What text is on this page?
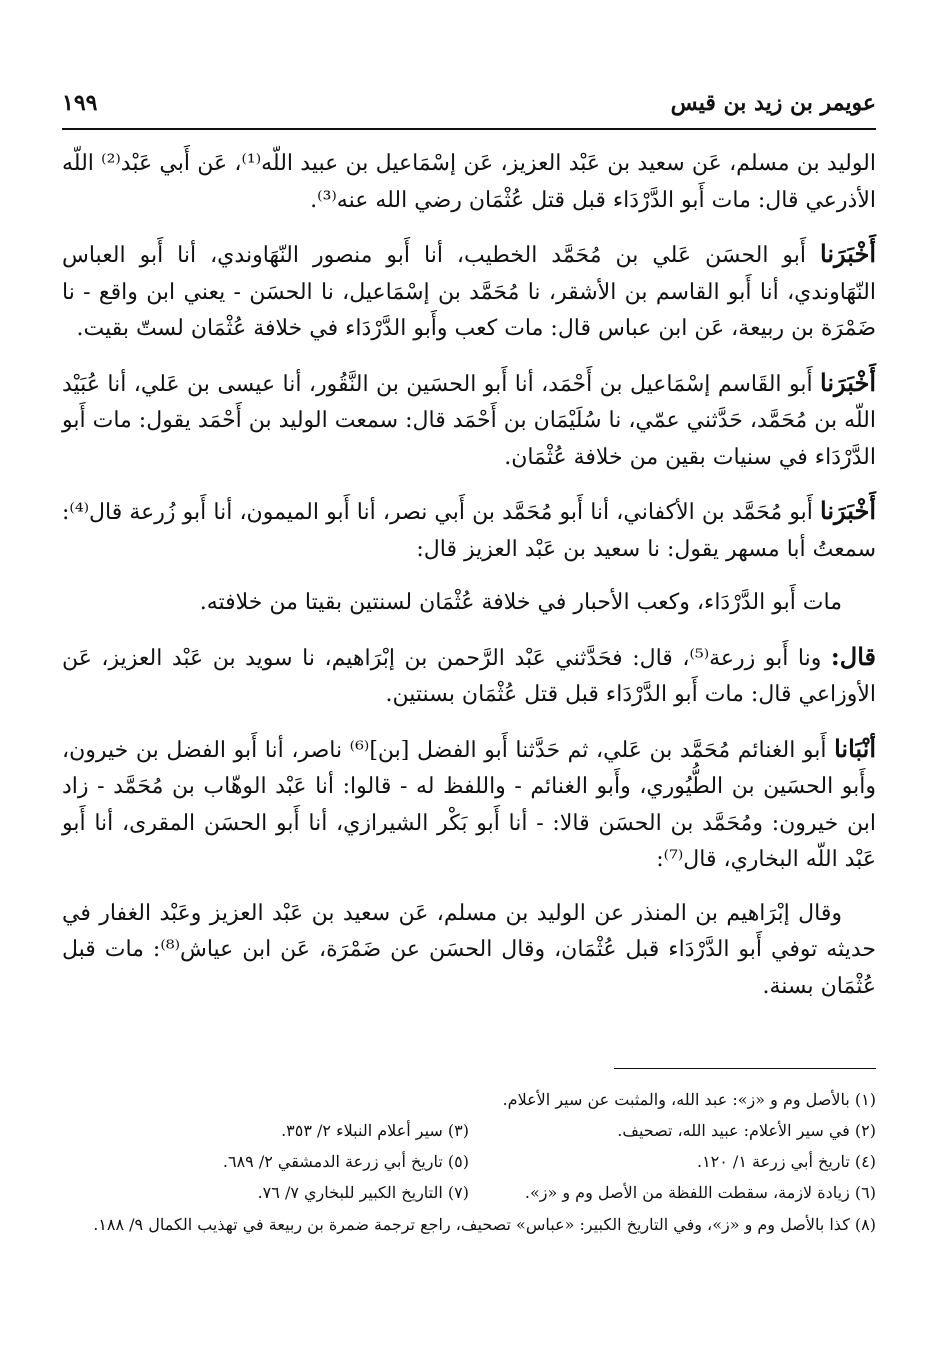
عويمر بن زيد بن قيس
١٩٩

الوليد بن مسلم، عَن سعيد بن عَبْد العزيز، عَن إسْمَاعيل بن عبيد اللّه⁽¹⁾، عَن أَبي عَبْد⁽²⁾ اللّه الأذرعي قال: مات أَبو الدَّرْدَاء قبل قتل عُثْمَان رضي الله عنه⁽³⁾.

أَخْبَرَنا أَبو الحسَن عَلي بن مُحَمَّد الخطيب، أنا أَبو منصور النّهَاوندي، أنا أَبو العباس النّهَاوندي، أنا أَبو القاسم بن الأشقر، نا مُحَمَّد بن إسْمَاعيل، نا الحسَن - يعني ابن واقع - نا ضَمْرَة بن ربيعة، عَن ابن عباس قال: مات كعب وأَبو الدَّرْدَاء في خلافة عُثْمَان لستّ بقيت.

أَخْبَرَنا أَبو القَاسم إسْمَاعيل بن أَحْمَد، أنا أَبو الحسَين بن النَّقُور، أنا عيسى بن عَلي، أنا عُبَيْد اللّه بن مُحَمَّد، حَدَّثني عمّي، نا سُلَيْمَان بن أَحْمَد قال: سمعت الوليد بن أَحْمَد يقول: مات أَبو الدَّرْدَاء في سنيات بقين من خلافة عُثْمَان.

أَخْبَرَنا أَبو مُحَمَّد بن الأكفاني، أنا أَبو مُحَمَّد بن أَبي نصر، أنا أَبو الميمون، أنا أَبو زُرعة قال⁽⁴⁾: سمعتُ أبا مسهر يقول: نا سعيد بن عَبْد العزيز قال:

مات أَبو الدَّرْدَاء، وكعب الأحبار في خلافة عُثْمَان لسنتين بقيتا من خلافته.

قال: ونا أَبو زرعة⁽⁵⁾، قال: فحَدَّثني عَبْد الرَّحمن بن إبْرَاهيم، نا سويد بن عَبْد العزيز، عَن الأوزاعي قال: مات أَبو الدَّرْدَاء قبل قتل عُثْمَان بسنتين.

أنْبَانا أَبو الغنائم مُحَمَّد بن عَلي، ثم حَدَّثنا أَبو الفضل [بن]⁽⁶⁾ ناصر، أنا أَبو الفضل بن خيرون، وأَبو الحسَين بن الطُّيُوري، وأَبو الغنائم - واللفظ له - قالوا: أنا عَبْد الوهّاب بن مُحَمَّد - زاد ابن خيرون: ومُحَمَّد بن الحسَن قالا: - أنا أَبو بَكْر الشيرازي، أنا أَبو الحسَن المقرى، أنا أَبو عَبْد اللّه البخاري، قال⁽⁷⁾:

وقال إبْرَاهيم بن المنذر عن الوليد بن مسلم، عَن سعيد بن عَبْد العزيز وعَبْد الغفار في حديثه توفي أَبو الدَّرْدَاء قبل عُثْمَان، وقال الحسَن عن ضَمْرَة، عَن ابن عياش⁽⁸⁾: مات قبل عُثْمَان بسنة.

(١) بالأصل وم و «ز»: عبد الله، والمثبت عن سير الأعلام.
(٢) في سير الأعلام: عبيد الله، تصحيف.
(٣) سير أعلام النبلاء ٢/ ٣٥٣.
(٤) تاريخ أبي زرعة ١/ ١٢٠.
(٥) تاريخ أبي زرعة الدمشقي ٢/ ٦٨٩.
(٦) زيادة لازمة، سقطت اللفظة من الأصل وم و «ز».
(٧) التاريخ الكبير للبخاري ٧/ ٧٦.
(٨) كذا بالأصل وم و «ز»، وفي التاريخ الكبير: «عباس» تصحيف، راجع ترجمة ضمرة بن ربيعة في تهذيب الكمال ٩/ ١٨٨.
